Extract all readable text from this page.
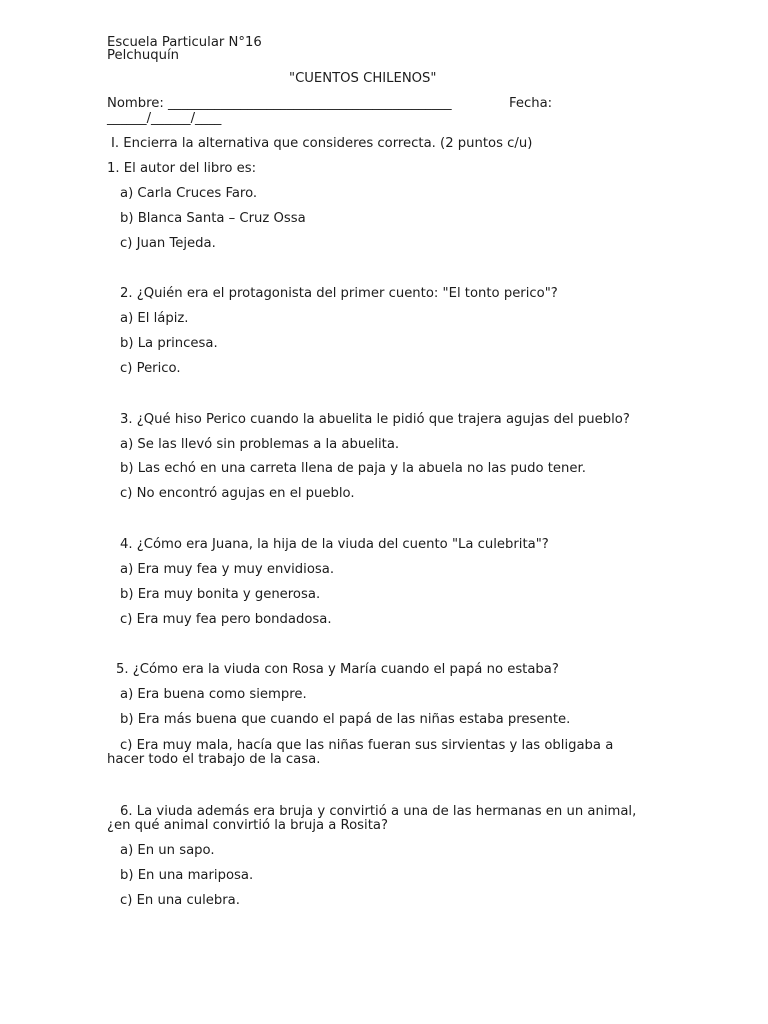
Escuela Particular N°16
Pelchuquín
"CUENTOS CHILENOS"
Nombre: ___________________________________________	Fecha:
______/______/____
I. Encierra la alternativa que consideres correcta. (2 puntos c/u)
1. El autor del libro es:
a) Carla Cruces Faro.
b) Blanca Santa – Cruz Ossa
c) Juan Tejeda.
2. ¿Quién era el protagonista del primer cuento: "El tonto perico"?
a) El lápiz.
b) La princesa.
c) Perico.
3. ¿Qué hiso Perico cuando la abuelita le pidió que trajera agujas del pueblo?
a) Se las llevó sin problemas a la abuelita.
b) Las echó en una carreta llena de paja y la abuela no las pudo tener.
c) No encontró agujas en el pueblo.
4. ¿Cómo era Juana, la hija de la viuda del cuento "La culebrita"?
a) Era muy fea y muy envidiosa.
b) Era muy bonita y generosa.
c) Era muy fea pero bondadosa.
5. ¿Cómo era la viuda con Rosa y María cuando el papá no estaba?
a) Era buena como siempre.
b) Era más buena que cuando el papá de las niñas estaba presente.
c) Era muy mala, hacía que las niñas fueran sus sirvientas y las obligaba a
hacer todo el trabajo de la casa.
6. La viuda además era bruja y convirtió a una de las hermanas en un animal,
¿en qué animal convirtió la bruja a Rosita?
a) En un sapo.
b) En una mariposa.
c) En una culebra.
